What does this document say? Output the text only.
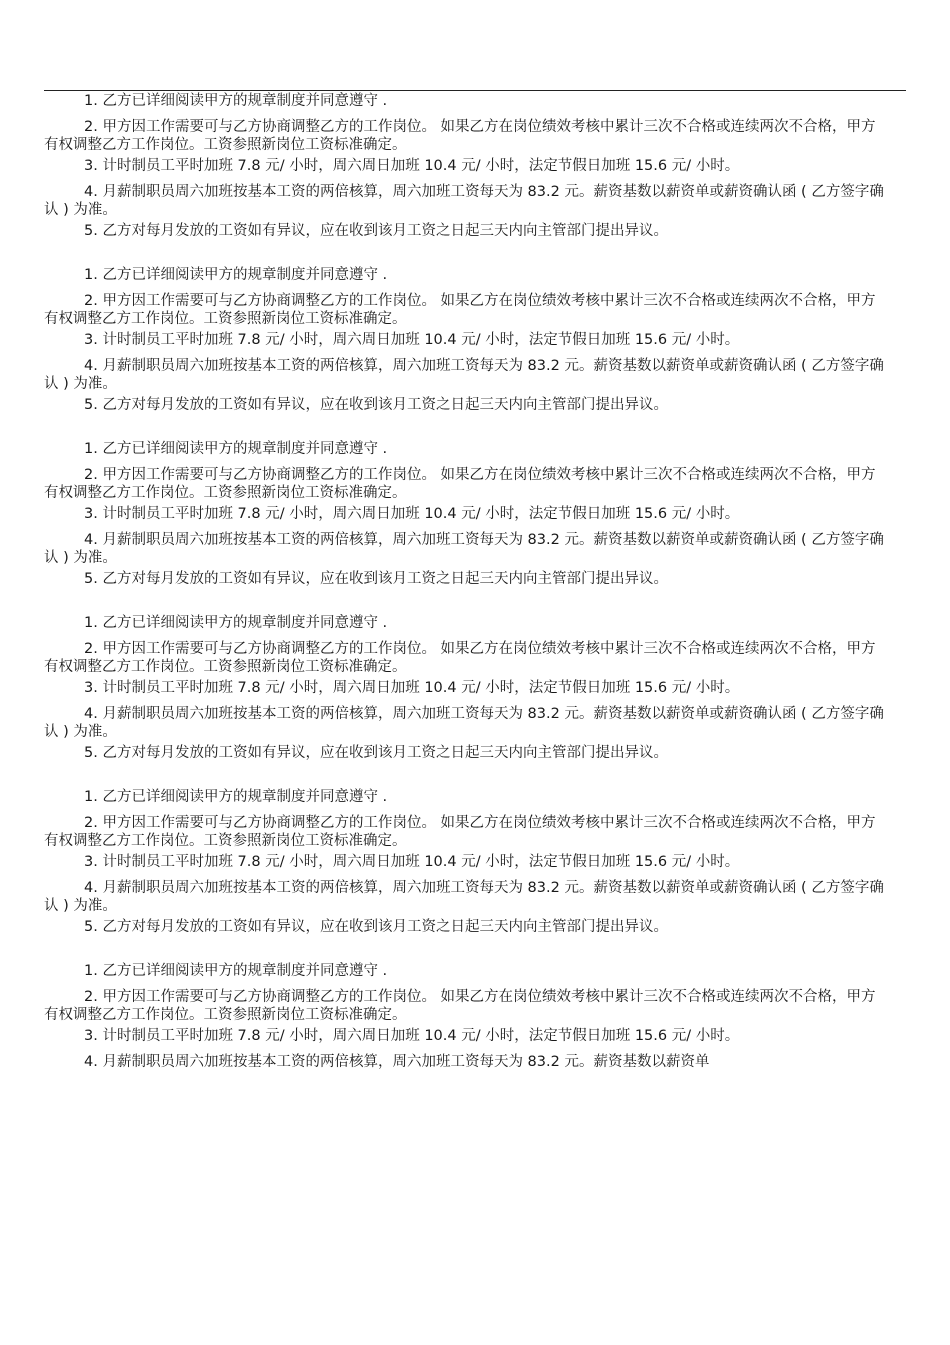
1. 乙方已详细阅读甲方的规章制度并同意遵守 .

2. 甲方因工作需要可与乙方协商调整乙方的工作岗位。 如果乙方在岗位绩效考核中累计三次不合格或连续两次不合格，甲方有权调整乙方工作岗位。工资参照新岗位工资标准确定。

3. 计时制员工平时加班 7.8 元/ 小时，周六周日加班 10.4 元/ 小时，法定节假日加班 15.6 元/ 小时。

4. 月薪制职员周六加班按基本工资的两倍核算，周六加班工资每天为 83.2 元。薪资基数以薪资单或薪资确认函 ( 乙方签字确认 ) 为准。

5. 乙方对每月发放的工资如有异议，应在收到该月工资之日起三天内向主管部门提出异议。

1. 乙方已详细阅读甲方的规章制度并同意遵守 .

2. 甲方因工作需要可与乙方协商调整乙方的工作岗位。 如果乙方在岗位绩效考核中累计三次不合格或连续两次不合格，甲方有权调整乙方工作岗位。工资参照新岗位工资标准确定。

3. 计时制员工平时加班 7.8 元/ 小时，周六周日加班 10.4 元/ 小时，法定节假日加班 15.6 元/ 小时。

4. 月薪制职员周六加班按基本工资的两倍核算，周六加班工资每天为 83.2 元。薪资基数以薪资单或薪资确认函 ( 乙方签字确认 ) 为准。

5. 乙方对每月发放的工资如有异议，应在收到该月工资之日起三天内向主管部门提出异议。

1. 乙方已详细阅读甲方的规章制度并同意遵守 .

2. 甲方因工作需要可与乙方协商调整乙方的工作岗位。 如果乙方在岗位绩效考核中累计三次不合格或连续两次不合格，甲方有权调整乙方工作岗位。工资参照新岗位工资标准确定。

3. 计时制员工平时加班 7.8 元/ 小时，周六周日加班 10.4 元/ 小时，法定节假日加班 15.6 元/ 小时。

4. 月薪制职员周六加班按基本工资的两倍核算，周六加班工资每天为 83.2 元。薪资基数以薪资单或薪资确认函 ( 乙方签字确认 ) 为准。

5. 乙方对每月发放的工资如有异议，应在收到该月工资之日起三天内向主管部门提出异议。

1. 乙方已详细阅读甲方的规章制度并同意遵守 .

2. 甲方因工作需要可与乙方协商调整乙方的工作岗位。 如果乙方在岗位绩效考核中累计三次不合格或连续两次不合格，甲方有权调整乙方工作岗位。工资参照新岗位工资标准确定。

3. 计时制员工平时加班 7.8 元/ 小时，周六周日加班 10.4 元/ 小时，法定节假日加班 15.6 元/ 小时。

4. 月薪制职员周六加班按基本工资的两倍核算，周六加班工资每天为 83.2 元。薪资基数以薪资单或薪资确认函 ( 乙方签字确认 ) 为准。

5. 乙方对每月发放的工资如有异议，应在收到该月工资之日起三天内向主管部门提出异议。

1. 乙方已详细阅读甲方的规章制度并同意遵守 .

2. 甲方因工作需要可与乙方协商调整乙方的工作岗位。 如果乙方在岗位绩效考核中累计三次不合格或连续两次不合格，甲方有权调整乙方工作岗位。工资参照新岗位工资标准确定。

3. 计时制员工平时加班 7.8 元/ 小时，周六周日加班 10.4 元/ 小时，法定节假日加班 15.6 元/ 小时。

4. 月薪制职员周六加班按基本工资的两倍核算，周六加班工资每天为 83.2 元。薪资基数以薪资单或薪资确认函 ( 乙方签字确认 ) 为准。

5. 乙方对每月发放的工资如有异议，应在收到该月工资之日起三天内向主管部门提出异议。

1. 乙方已详细阅读甲方的规章制度并同意遵守 .

2. 甲方因工作需要可与乙方协商调整乙方的工作岗位。 如果乙方在岗位绩效考核中累计三次不合格或连续两次不合格，甲方有权调整乙方工作岗位。工资参照新岗位工资标准确定。

3. 计时制员工平时加班 7.8 元/ 小时，周六周日加班 10.4 元/ 小时，法定节假日加班 15.6 元/ 小时。

4. 月薪制职员周六加班按基本工资的两倍核算，周六加班工资每天为 83.2 元。薪资基数以薪资单
